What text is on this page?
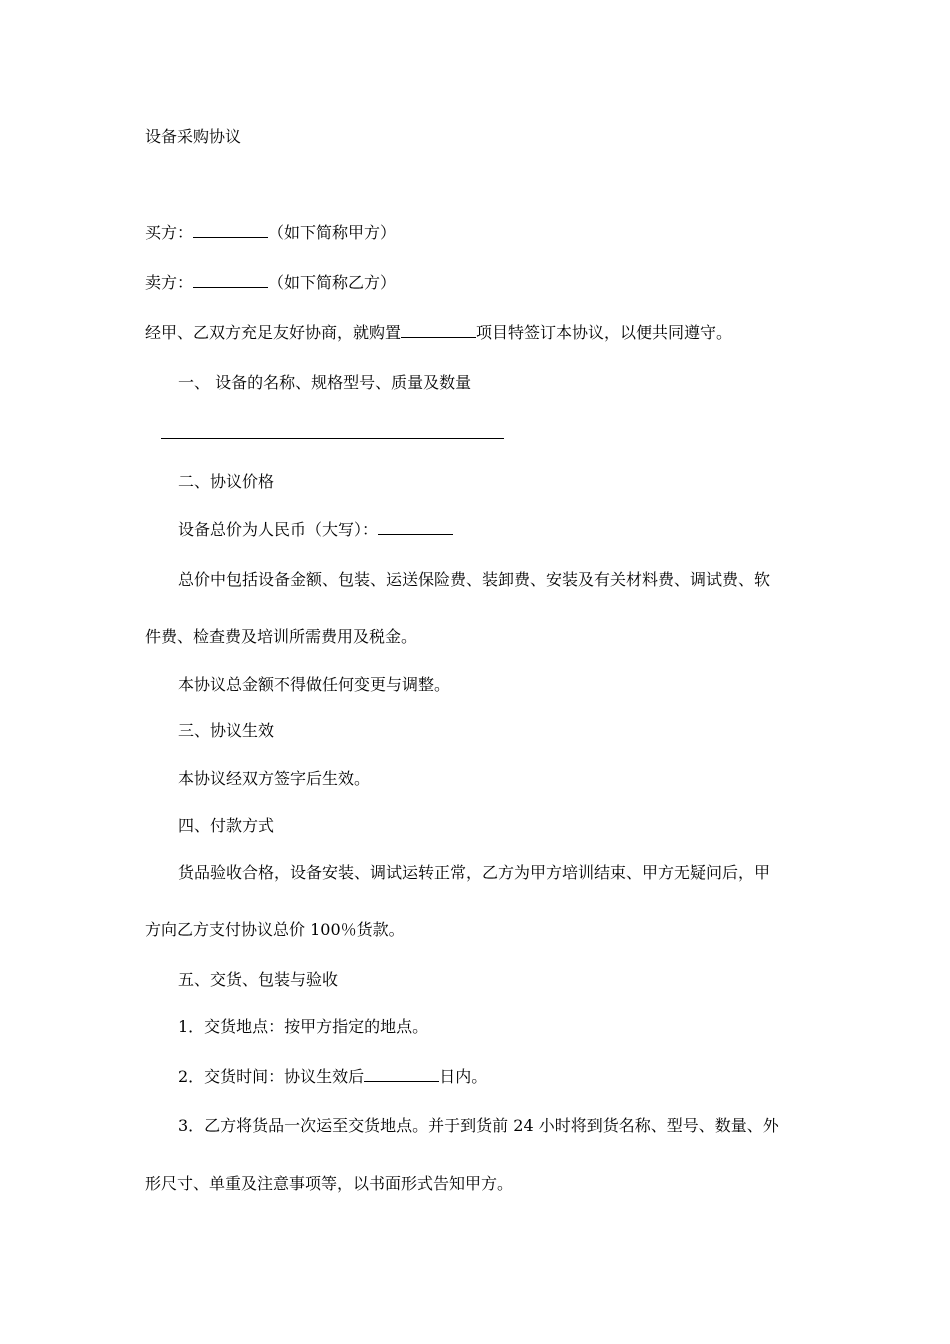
设备采购协议
买方：	（如下简称甲方）
卖方：	（如下简称乙方）
经甲、乙双方充足友好协商，就购置	项目特签订本协议，以便共同遵守。
一、 设备的名称、规格型号、质量及数量
二、协议价格
设备总价为人民币（大写）：
总价中包括设备金额、包装、运送保险费、装卸费、安装及有关材料费、调试费、软
件费、检查费及培训所需费用及税金。
本协议总金额不得做任何变更与调整。
三、协议生效
本协议经双方签字后生效。
四、付款方式
货品验收合格，设备安装、调试运转正常，乙方为甲方培训结束、甲方无疑问后，甲
方向乙方支付协议总价 100％货款。
五、交货、包装与验收
1．交货地点：按甲方指定的地点。
2．交货时间：协议生效后	日内。
3．乙方将货品一次运至交货地点。并于到货前 24 小时将到货名称、型号、数量、外
形尺寸、单重及注意事项等，以书面形式告知甲方。
